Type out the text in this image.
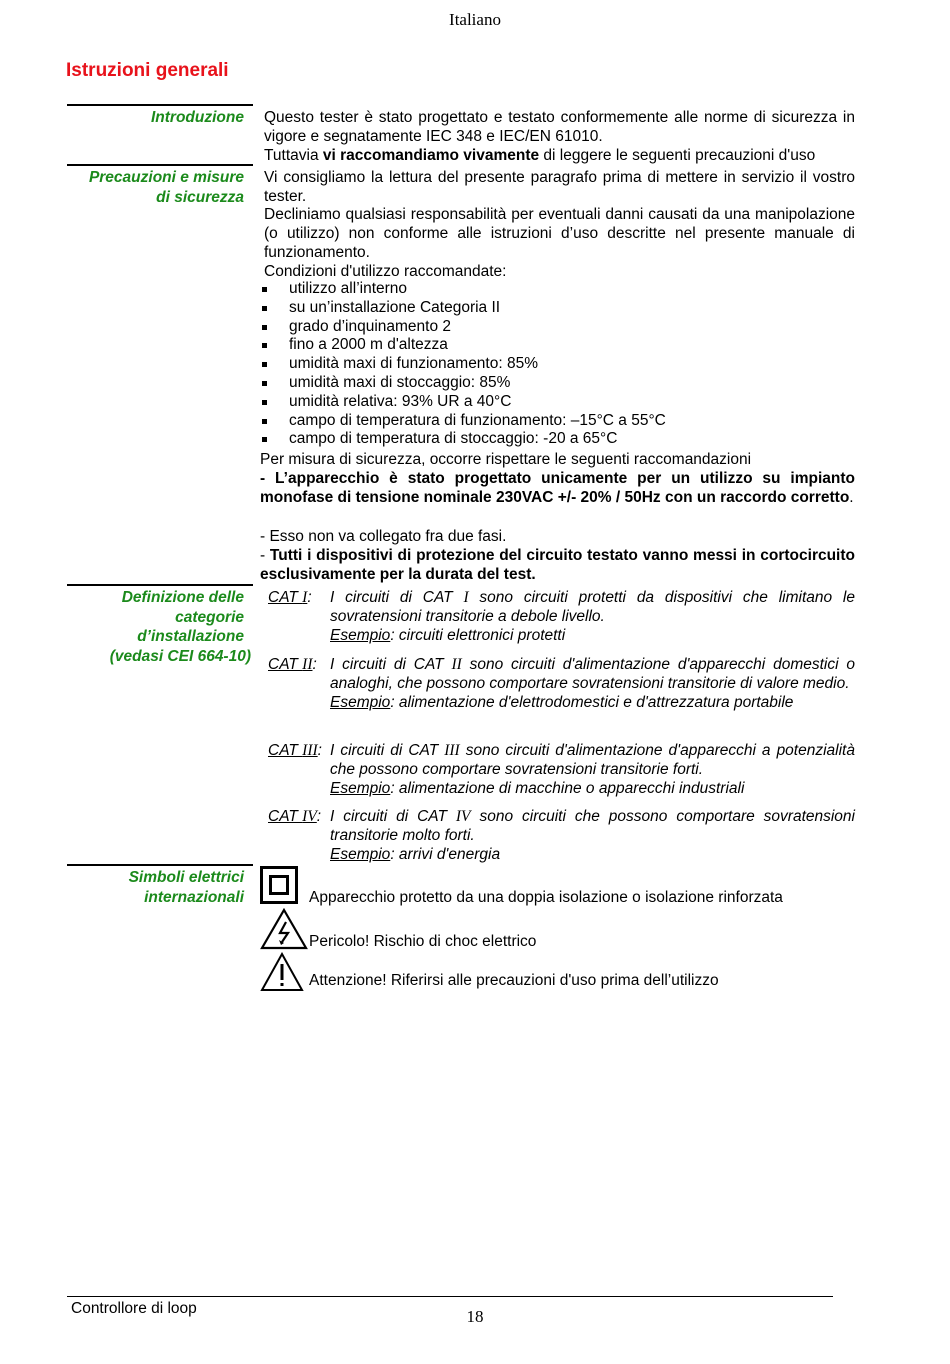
Italiano
Istruzioni generali
Introduzione
Precauzioni e misure
di sicurezza
Definizione delle
categorie
d’installazione
(vedasi CEI 664-10)
Simboli elettrici
internazionali
Questo tester è stato progettato e testato conformemente alle norme di sicurezza in vigore e segnatamente IEC 348 e IEC/EN 61010.
Tuttavia vi raccomandiamo vivamente di leggere le seguenti precauzioni d'uso
Vi consigliamo la lettura del presente paragrafo prima di mettere in servizio il vostro tester.
Decliniamo qualsiasi responsabilità per eventuali danni causati da una manipolazione (o utilizzo) non conforme alle istruzioni d’uso descritte nel presente manuale di funzionamento.
Condizioni d'utilizzo raccomandate:
utilizzo all’interno
su un’installazione Categoria II
grado d’inquinamento 2
fino a 2000 m d'altezza
umidità maxi di funzionamento: 85%
umidità maxi di stoccaggio: 85%
umidità relativa: 93% UR a 40°C
campo di temperatura di funzionamento: –15°C a 55°C
campo di temperatura di stoccaggio: -20 a 65°C
Per misura di sicurezza, occorre rispettare le seguenti raccomandazioni
- L’apparecchio è stato progettato unicamente per un utilizzo su impianto monofase di tensione nominale 230VAC +/- 20% / 50Hz con un raccordo corretto.
- Esso non va collegato fra due fasi.
- Tutti i dispositivi di protezione del circuito testato vanno messi in cortocircuito esclusivamente per la durata del test.
CAT I: I circuiti di CAT I sono circuiti protetti da dispositivi che limitano le sovratensioni transitorie a debole livello.
Esempio: circuiti elettronici protetti
CAT II: I circuiti di CAT II sono circuiti d'alimentazione d'apparecchi domestici o analoghi, che possono comportare sovratensioni transitorie di valore medio.
Esempio: alimentazione d'elettrodomestici e d'attrezzatura portabile
CAT III: I circuiti di CAT III sono circuiti d'alimentazione d'apparecchi a potenzialità che possono comportare sovratensioni transitorie forti.
Esempio: alimentazione di macchine o apparecchi industriali
CAT IV: I circuiti di CAT IV sono circuiti che possono comportare sovratensioni transitorie molto forti.
Esempio: arrivi d'energia
Apparecchio protetto da una doppia isolazione o isolazione rinforzata
Pericolo! Rischio di choc elettrico
Attenzione! Riferirsi alle precauzioni d'uso prima dell’utilizzo
Controllore di loop	18
